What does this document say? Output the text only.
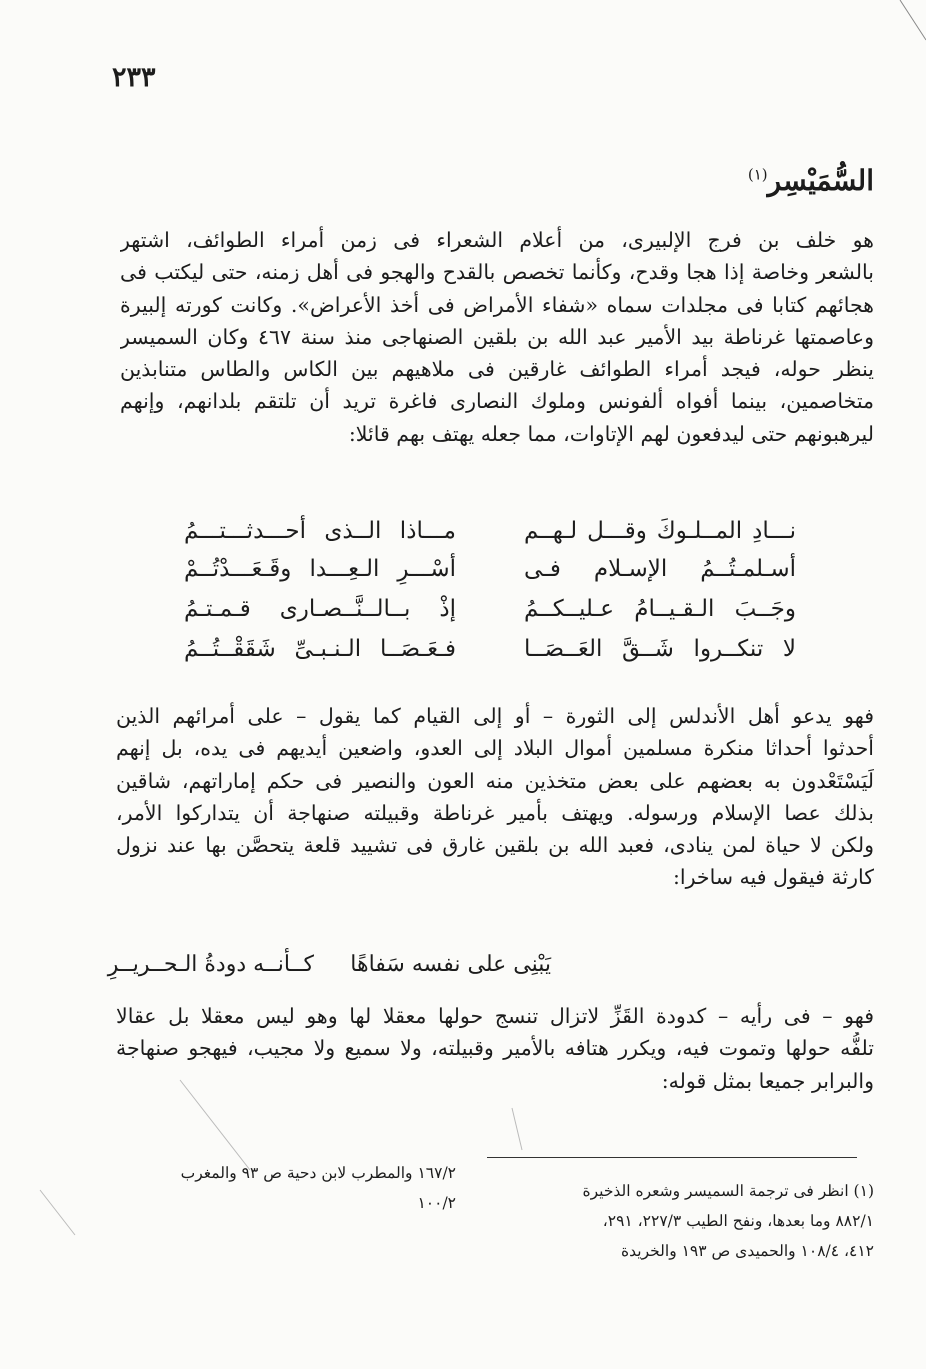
٢٣٣
السُّمَيْسِر$^{(١)}$
هو خلف بن فرج الإلبيرى، من أعلام الشعراء فى زمن أمراء الطوائف، اشتهر
بالشعر وخاصة إذا هجا وقدح، وكأنما تخصص بالقدح والهجو فى أهل زمنه، حتى ليكتب فى
هجائهم كتابا فى مجلدات سماه «شفاء الأمراض فى أخذ الأعراض». وكانت كورته إلبيرة
وعاصمتها غرناطة بيد الأمير عبد الله بن بلقين الصنهاجى منذ سنة ٤٦٧ وكان السميسر
ينظر حوله، فيجد أمراء الطوائف غارقين فى ملاهيهم بين الكاس والطاس متنابذين
متخاصمين، بينما أفواه ألفونس وملوك النصارى فاغرة تريد أن تلتقم بلدانهم، وإنهم
ليرهبونهم حتى ليدفعون لهم الإتاوات، مما جعله يهتف بهم قائلا:
نـــادِ المــلـوكَ وقـــل لـهــم
مـــاذا الــذى أحـــدثـــتـــمُ
أسـلمـتُــمُ الإسـلام فـى
أسْـــرِ الـعِـــدا وقَـعَـــدْتُــمْ
وجَــبَ الـقـيــامُ عـليــكــمُ
إذْ بــالــنَّــصـارى قـمـتـمُ
لا تنكــروا شَــقَّ العَــصَــا
فـعَـصَــا الـنـبـىِّ شَقَقْــتُــمُ
فهو يدعو أهل الأندلس إلى الثورة – أو إلى القيام كما يقول – على أمرائهم الذين
أحدثوا أحداثا منكرة مسلمين أموال البلاد إلى العدو، واضعين أيديهم فى يده، بل إنهم
لَيَسْتَعْدون به بعضهم على بعض متخذين منه العون والنصير فى حكم إماراتهم، شاقين
بذلك عصا الإسلام ورسوله. ويهتف بأمير غرناطة وقبيلته صنهاجة أن يتداركوا الأمر،
ولكن لا حياة لمن ينادى، فعبد الله بن بلقين غارق فى تشييد قلعة يتحصَّن بها عند نزول
كارثة فيقول فيه ساخرا:
يَبْنِى على نفسه سَفاهًا
كــأنــه دودةُ الـحــريــرِ
فهو – فى رأيه – كدودة القَزِّ لاتزال تنسج حولها معقلا لها وهو ليس معقلا بل عقالا
تلفُّه حولها وتموت فيه، ويكرر هتافه بالأمير وقبيلته، ولا سميع ولا مجيب، فيهجو صنهاجة
والبرابر جميعا بمثل قوله:
(١) انظر فى ترجمة السميسر وشعره الذخيرة
٨٨٢/١ وما بعدها، ونفح الطيب ٢٢٧/٣، ٢٩١،
٤١٢، ١٠٨/٤ والحميدى ص ١٩٣ والخريدة
١٦٧/٢ والمطرب لابن دحية ص ٩٣ والمغرب
١٠٠/٢
